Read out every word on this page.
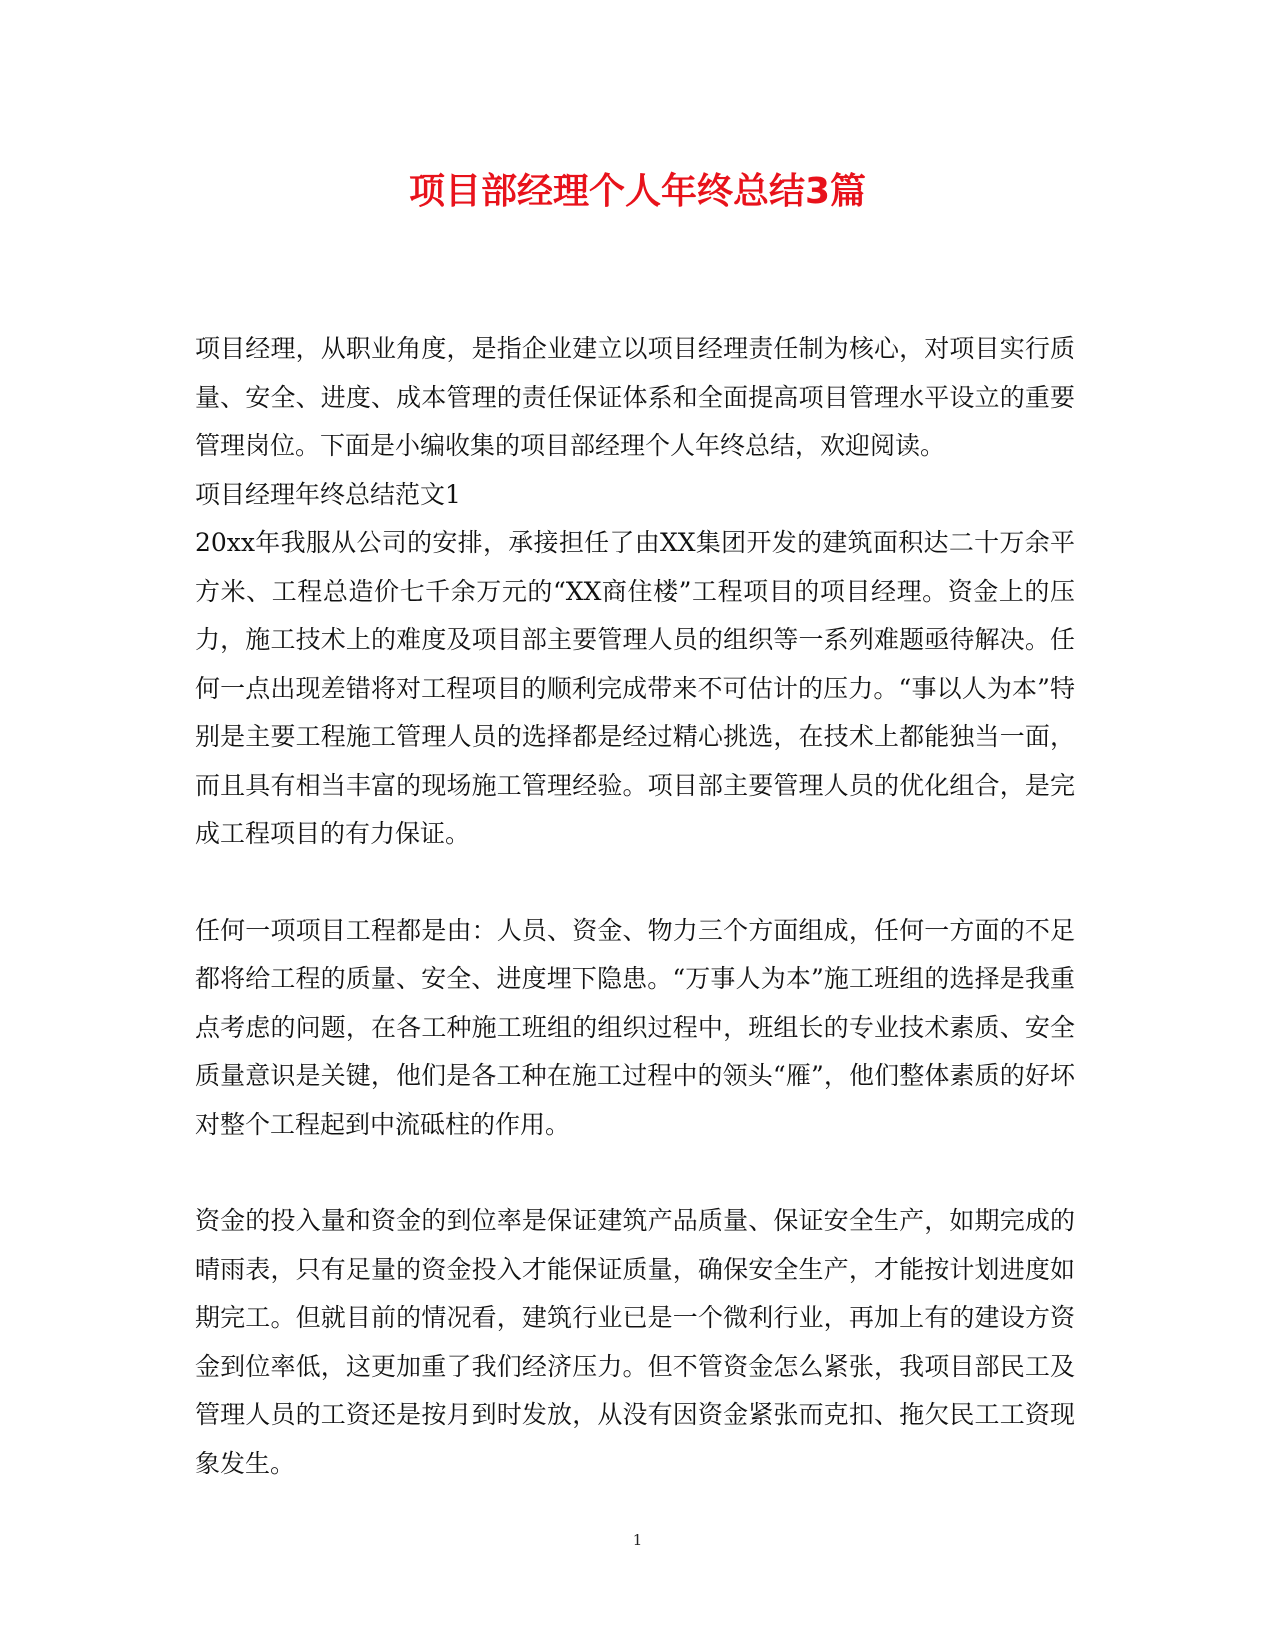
项目部经理个人年终总结3篇

项目经理，从职业角度，是指企业建立以项目经理责任制为核心，对项目实行质量、安全、进度、成本管理的责任保证体系和全面提高项目管理水平设立的重要管理岗位。下面是小编收集的项目部经理个人年终总结，欢迎阅读。

项目经理年终总结范文1

20xx年我服从公司的安排，承接担任了由XX集团开发的建筑面积达二十万余平方米、工程总造价七千余万元的“XX商住楼”工程项目的项目经理。资金上的压力，施工技术上的难度及项目部主要管理人员的组织等一系列难题亟待解决。任何一点出现差错将对工程项目的顺利完成带来不可估计的压力。“事以人为本”特别是主要工程施工管理人员的选择都是经过精心挑选，在技术上都能独当一面，而且具有相当丰富的现场施工管理经验。项目部主要管理人员的优化组合，是完成工程项目的有力保证。

任何一项项目工程都是由：人员、资金、物力三个方面组成，任何一方面的不足都将给工程的质量、安全、进度埋下隐患。“万事人为本”施工班组的选择是我重点考虑的问题，在各工种施工班组的组织过程中，班组长的专业技术素质、安全质量意识是关键，他们是各工种在施工过程中的领头“雁”，他们整体素质的好坏对整个工程起到中流砥柱的作用。

资金的投入量和资金的到位率是保证建筑产品质量、保证安全生产，如期完成的晴雨表，只有足量的资金投入才能保证质量，确保安全生产，才能按计划进度如期完工。但就目前的情况看，建筑行业已是一个微利行业，再加上有的建设方资金到位率低，这更加重了我们经济压力。但不管资金怎么紧张，我项目部民工及管理人员的工资还是按月到时发放，从没有因资金紧张而克扣、拖欠民工工资现象发生。

1
